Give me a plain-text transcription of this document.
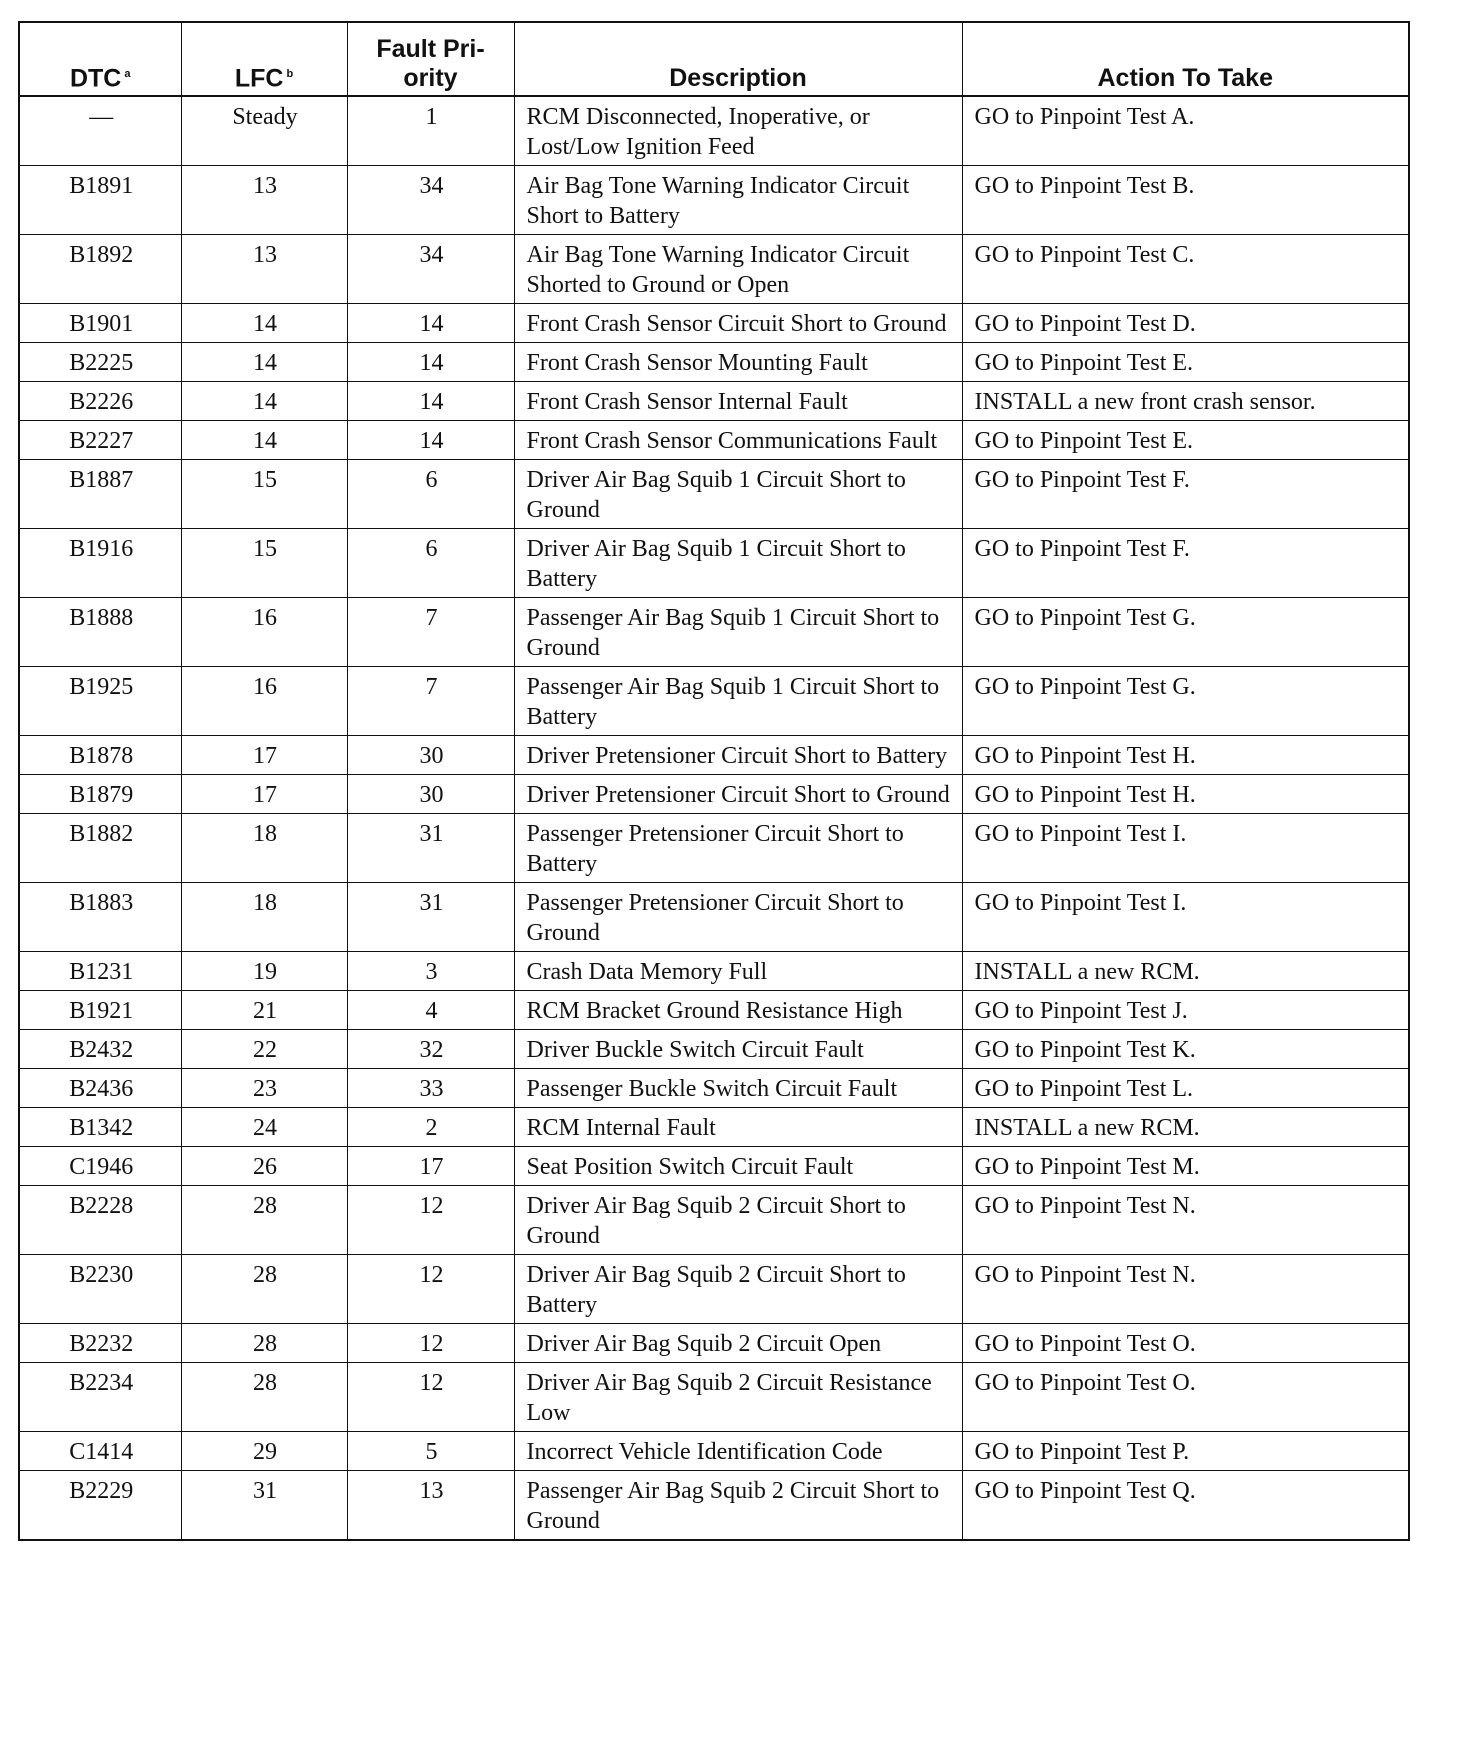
DTC $^a$	LFC $^b$	Fault Pri- ority	Description	Action To Take
—	Steady	1	RCM Disconnected, Inoperative, or Lost/Low Ignition Feed	GO to Pinpoint Test A.
B1891	13	34	Air Bag Tone Warning Indicator Circuit Short to Battery	GO to Pinpoint Test B.
B1892	13	34	Air Bag Tone Warning Indicator Circuit Shorted to Ground or Open	GO to Pinpoint Test C.
B1901	14	14	Front Crash Sensor Circuit Short to Ground	GO to Pinpoint Test D.
B2225	14	14	Front Crash Sensor Mounting Fault	GO to Pinpoint Test E.
B2226	14	14	Front Crash Sensor Internal Fault	INSTALL a new front crash sensor.
B2227	14	14	Front Crash Sensor Communications Fault	GO to Pinpoint Test E.
B1887	15	6	Driver Air Bag Squib 1 Circuit Short to Ground	GO to Pinpoint Test F.
B1916	15	6	Driver Air Bag Squib 1 Circuit Short to Battery	GO to Pinpoint Test F.
B1888	16	7	Passenger Air Bag Squib 1 Circuit Short to Ground	GO to Pinpoint Test G.
B1925	16	7	Passenger Air Bag Squib 1 Circuit Short to Battery	GO to Pinpoint Test G.
B1878	17	30	Driver Pretensioner Circuit Short to Battery	GO to Pinpoint Test H.
B1879	17	30	Driver Pretensioner Circuit Short to Ground	GO to Pinpoint Test H.
B1882	18	31	Passenger Pretensioner Circuit Short to Battery	GO to Pinpoint Test I.
B1883	18	31	Passenger Pretensioner Circuit Short to Ground	GO to Pinpoint Test I.
B1231	19	3	Crash Data Memory Full	INSTALL a new RCM.
B1921	21	4	RCM Bracket Ground Resistance High	GO to Pinpoint Test J.
B2432	22	32	Driver Buckle Switch Circuit Fault	GO to Pinpoint Test K.
B2436	23	33	Passenger Buckle Switch Circuit Fault	GO to Pinpoint Test L.
B1342	24	2	RCM Internal Fault	INSTALL a new RCM.
C1946	26	17	Seat Position Switch Circuit Fault	GO to Pinpoint Test M.
B2228	28	12	Driver Air Bag Squib 2 Circuit Short to Ground	GO to Pinpoint Test N.
B2230	28	12	Driver Air Bag Squib 2 Circuit Short to Battery	GO to Pinpoint Test N.
B2232	28	12	Driver Air Bag Squib 2 Circuit Open	GO to Pinpoint Test O.
B2234	28	12	Driver Air Bag Squib 2 Circuit Resistance Low	GO to Pinpoint Test O.
C1414	29	5	Incorrect Vehicle Identification Code	GO to Pinpoint Test P.
B2229	31	13	Passenger Air Bag Squib 2 Circuit Short to Ground	GO to Pinpoint Test Q.
